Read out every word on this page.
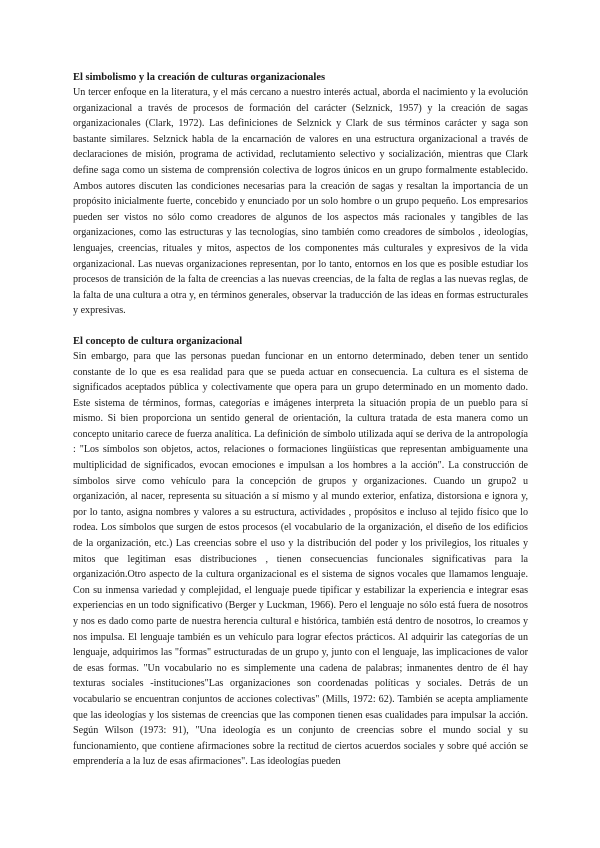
El simbolismo y la creación de culturas organizacionales

Un tercer enfoque en la literatura, y el más cercano a nuestro interés actual, aborda el nacimiento y la evolución organizacional a través de procesos de formación del carácter (Selznick, 1957) y la creación de sagas organizacionales (Clark, 1972). Las definiciones de Selznick y Clark de sus términos carácter y saga son bastante similares. Selznick habla de la encarnación de valores en una estructura organizacional a través de declaraciones de misión, programa de actividad, reclutamiento selectivo y socialización, mientras que Clark define saga como un sistema de comprensión colectiva de logros únicos en un grupo formalmente establecido. Ambos autores discuten las condiciones necesarias para la creación de sagas y resaltan la importancia de un propósito inicialmente fuerte, concebido y enunciado por un solo hombre o un grupo pequeño. Los empresarios pueden ser vistos no sólo como creadores de algunos de los aspectos más racionales y tangibles de las organizaciones, como las estructuras y las tecnologías, sino también como creadores de símbolos , ideologías, lenguajes, creencias, rituales y mitos, aspectos de los componentes más culturales y expresivos de la vida organizacional. Las nuevas organizaciones representan, por lo tanto, entornos en los que es posible estudiar los procesos de transición de la falta de creencias a las nuevas creencias, de la falta de reglas a las nuevas reglas, de la falta de una cultura a otra y, en términos generales, observar la traducción de las ideas en formas estructurales y expresivas.

El concepto de cultura organizacional

Sin embargo, para que las personas puedan funcionar en un entorno determinado, deben tener un sentido constante de lo que es esa realidad para que se pueda actuar en consecuencia. La cultura es el sistema de significados aceptados pública y colectivamente que opera para un grupo determinado en un momento dado. Este sistema de términos, formas, categorías e imágenes interpreta la situación propia de un pueblo para sí mismo. Si bien proporciona un sentido general de orientación, la cultura tratada de esta manera como un concepto unitario carece de fuerza analítica. La definición de símbolo utilizada aquí se deriva de la antropología : "Los símbolos son objetos, actos, relaciones o formaciones lingüísticas que representan ambiguamente una multiplicidad de significados, evocan emociones e impulsan a los hombres a la acción". La construcción de símbolos sirve como vehículo para la concepción de grupos y organizaciones. Cuando un grupo2 u organización, al nacer, representa su situación a sí mismo y al mundo exterior, enfatiza, distorsiona e ignora y, por lo tanto, asigna nombres y valores a su estructura, actividades , propósitos e incluso al tejido físico que lo rodea. Los símbolos que surgen de estos procesos (el vocabulario de la organización, el diseño de los edificios de la organización, etc.) Las creencias sobre el uso y la distribución del poder y los privilegios, los rituales y mitos que legitiman esas distribuciones , tienen consecuencias funcionales significativas para la organización.Otro aspecto de la cultura organizacional es el sistema de signos vocales que llamamos lenguaje. Con su inmensa variedad y complejidad, el lenguaje puede tipificar y estabilizar la experiencia e integrar esas experiencias en un todo significativo (Berger y Luckman, 1966). Pero el lenguaje no sólo está fuera de nosotros y nos es dado como parte de nuestra herencia cultural e histórica, también está dentro de nosotros, lo creamos y nos impulsa. El lenguaje también es un vehículo para lograr efectos prácticos. Al adquirir las categorías de un lenguaje, adquirimos las "formas" estructuradas de un grupo y, junto con el lenguaje, las implicaciones de valor de esas formas. "Un vocabulario no es simplemente una cadena de palabras; inmanentes dentro de él hay texturas sociales -instituciones"Las organizaciones son coordenadas políticas y sociales. Detrás de un vocabulario se encuentran conjuntos de acciones colectivas" (Mills, 1972: 62). También se acepta ampliamente que las ideologías y los sistemas de creencias que las componen tienen esas cualidades para impulsar la acción. Según Wilson (1973: 91), "Una ideología es un conjunto de creencias sobre el mundo social y su funcionamiento, que contiene afirmaciones sobre la rectitud de ciertos acuerdos sociales y sobre qué acción se emprendería a la luz de esas afirmaciones". Las ideologías pueden
